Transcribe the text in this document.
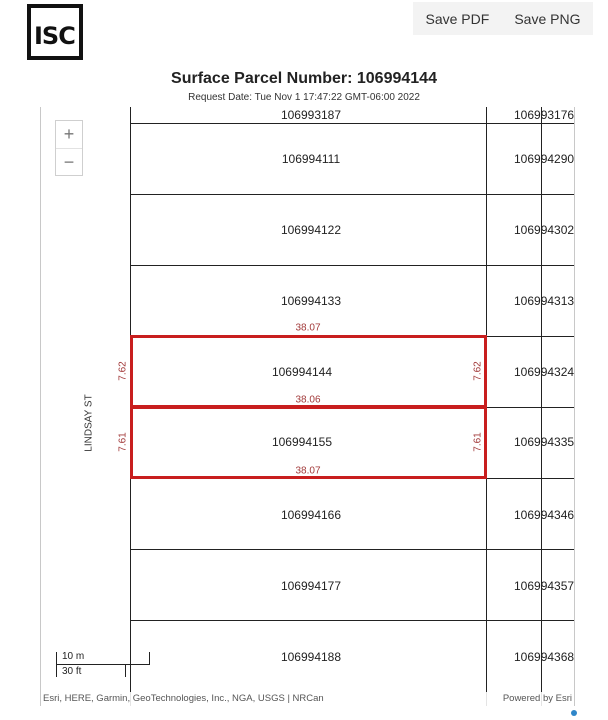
ISC
Save PDF Save PNG
Surface Parcel Number: 106994144
Request Date: Tue Nov 1 17:47:22 GMT-06:00 2022
106993187
106994111
106994122
106994133
106994144
106994155
106994166
106994177
106994188
106993176
106994290
106994302
106994313
106994324
106994335
106994346
106994357
106994368
38.07
7.62	7.62
38.06
7.61	7.61
38.07
LINDSAY ST
+
−
10 m
30 ft
Esri, HERE, Garmin, GeoTechnologies, Inc., NGA, USGS | NRCan	Powered by Esri
